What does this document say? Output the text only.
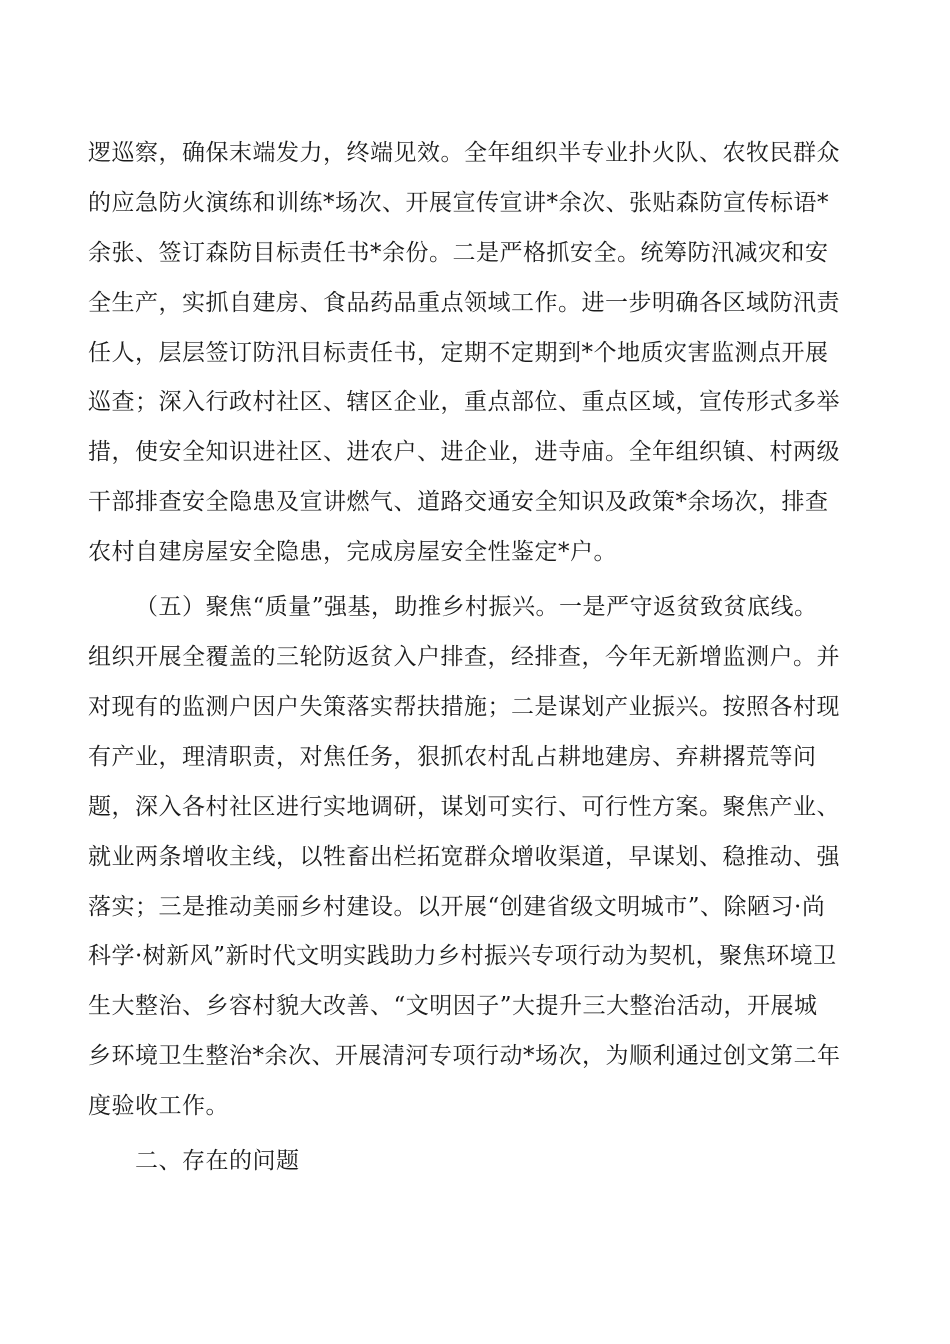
逻巡察，确保末端发力，终端见效。全年组织半专业扑火队、农牧民群众
的应急防火演练和训练*场次、开展宣传宣讲*余次、张贴森防宣传标语*
余张、签订森防目标责任书*余份。二是严格抓安全。统筹防汛减灾和安
全生产，实抓自建房、食品药品重点领域工作。进一步明确各区域防汛责
任人，层层签订防汛目标责任书，定期不定期到*个地质灾害监测点开展
巡查；深入行政村社区、辖区企业，重点部位、重点区域，宣传形式多举
措，使安全知识进社区、进农户、进企业，进寺庙。全年组织镇、村两级
干部排查安全隐患及宣讲燃气、道路交通安全知识及政策*余场次，排查
农村自建房屋安全隐患，完成房屋安全性鉴定*户。
（五）聚焦“质量”强基，助推乡村振兴。一是严守返贫致贫底线。
组织开展全覆盖的三轮防返贫入户排查，经排查，今年无新增监测户。并
对现有的监测户因户失策落实帮扶措施；二是谋划产业振兴。按照各村现
有产业，理清职责，对焦任务，狠抓农村乱占耕地建房、弃耕撂荒等问
题，深入各村社区进行实地调研，谋划可实行、可行性方案。聚焦产业、
就业两条增收主线，以牲畜出栏拓宽群众增收渠道，早谋划、稳推动、强
落实；三是推动美丽乡村建设。以开展“创建省级文明城市”、除陋习·尚
科学·树新风”新时代文明实践助力乡村振兴专项行动为契机，聚焦环境卫
生大整治、乡容村貌大改善、“文明因子”大提升三大整治活动，开展城
乡环境卫生整治*余次、开展清河专项行动*场次，为顺利通过创文第二年
度验收工作。
二、存在的问题
